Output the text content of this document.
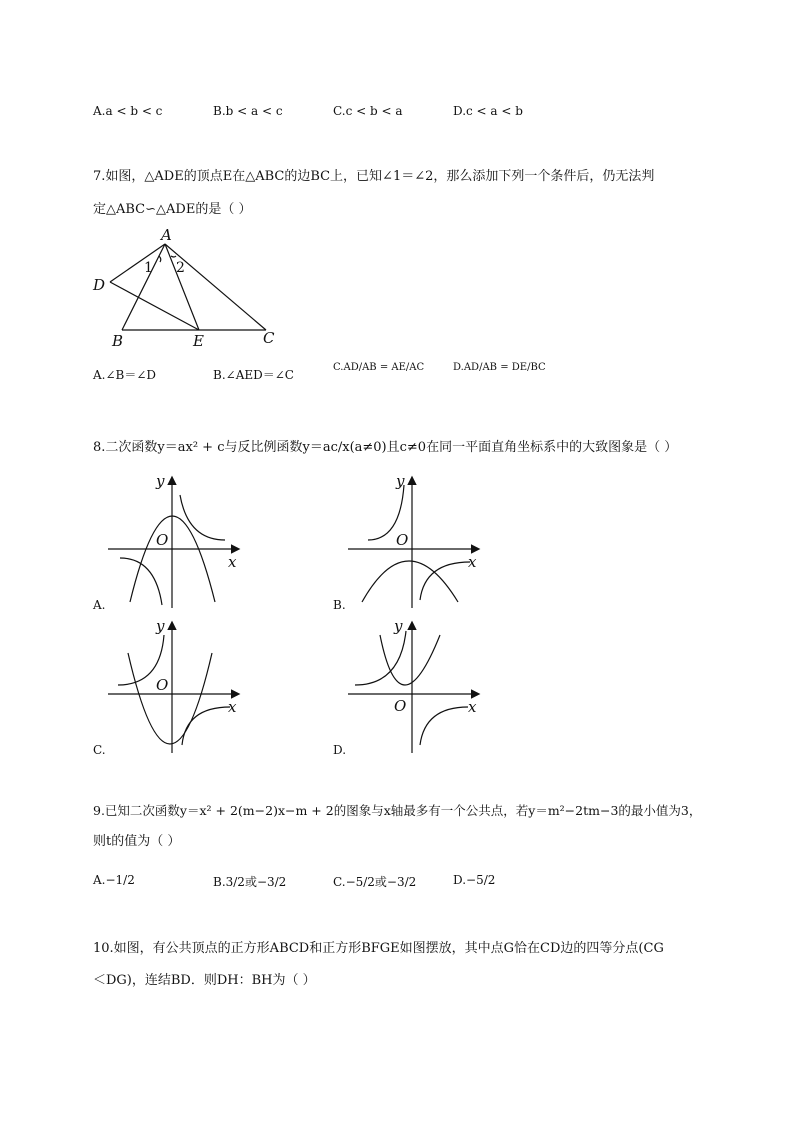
A.a < b < c	B.b < a < c	C.c < b < a	D.c < a < b
7.如图，△ADE的顶点E在△ABC的边BC上，已知∠1＝∠2，那么添加下列一个条件后，仍无法判
定△ABC∽△ADE的是（ ）
A
D
B	E	C
1 2
A.∠B＝∠D	B.∠AED＝∠C
C.AD/AB = AE/AC	D.AD/AB = DE/BC
8.二次函数y＝ax² + c与反比例函数y＝ac/x(a≠0)且c≠0在同一平面直角坐标系中的大致图象是（ ）
y
x
O
A.
y
x
O
B.
y
x
O
C.
y
x
O
D.
9.已知二次函数y＝x² + 2(m−2)x−m + 2的图象与x轴最多有一个公共点，若y＝m²−2tm−3的最小值为3，
则t的值为（ ）
A.−1/2	B.3/2或−3/2	C.−5/2或−3/2	D.−5/2
10.如图，有公共顶点的正方形ABCD和正方形BFGE如图摆放，其中点G恰在CD边的四等分点(CG
＜DG)，连结BD．则DH：BH为（ ）
